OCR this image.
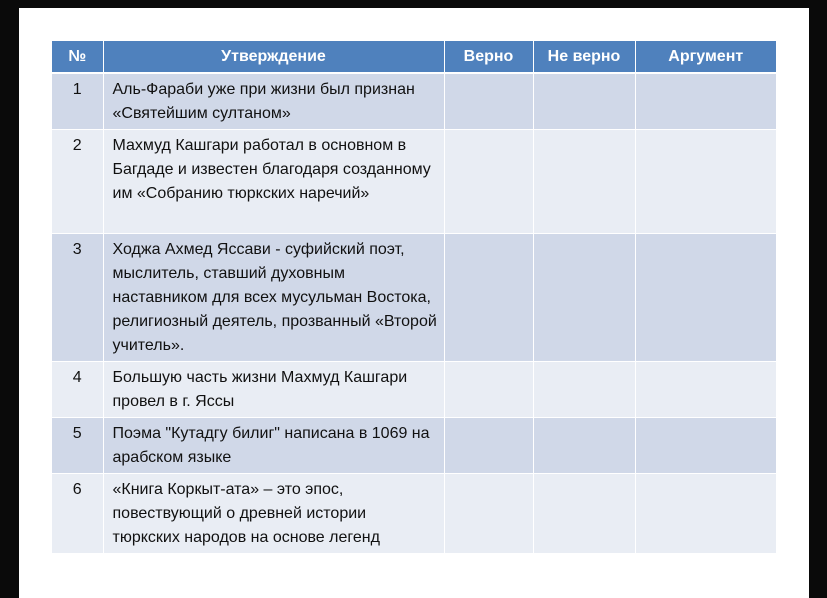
№	Утверждение	Верно	Не верно	Аргумент
1	Аль-Фараби уже при жизни был признан «Святейшим султаном»			
2	Махмуд Кашгари работал в основном в Багдаде и известен благодаря созданному им «Собранию тюркских наречий»			
3	Ходжа Ахмед Яссави - суфийский поэт, мыслитель, ставший духовным наставником для всех мусульман Востока, религиозный деятель, прозванный «Второй учитель».			
4	Большую часть жизни Махмуд Кашгари провел в г. Яссы			
5	Поэма "Кутадгу билиг" написана в 1069 на арабском языке			
6	«Книга Коркыт-ата» – это эпос, повествующий о древней истории тюркских народов на основе легенд			
